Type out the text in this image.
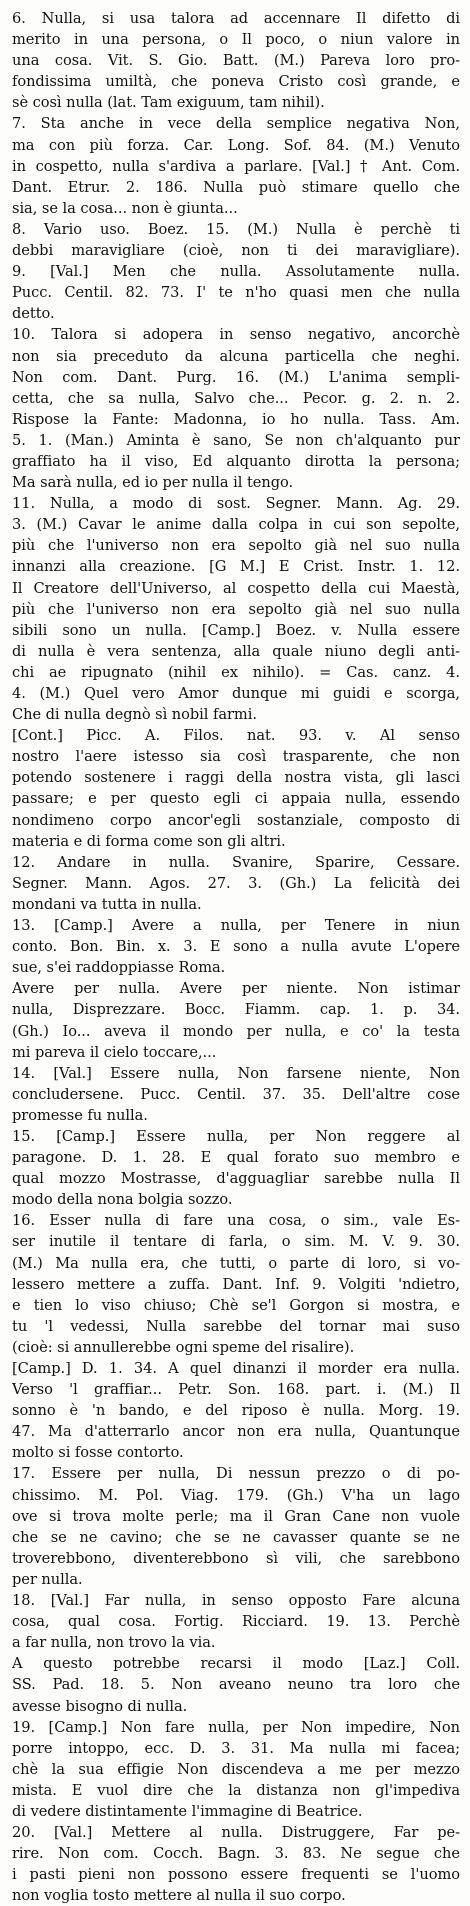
6. Nulla, si usa talora ad accennare Il difetto di
merito in una persona, o Il poco, o niun valore in
una cosa. Vit. S. Gio. Batt. (M.) Pareva loro pro-
fondissima umiltà, che poneva Cristo così grande, e
sè così nulla (lat. Tam exiguum, tam nihil).
7. Sta anche in vece della semplice negativa Non,
ma con più forza. Car. Long. Sof. 84. (M.) Venuto
in cospetto, nulla s'ardiva a parlare. [Val.] † Ant. Com.
Dant. Etrur. 2. 186. Nulla può stimare quello che
sia, se la cosa... non è giunta...
8. Vario uso. Boez. 15. (M.) Nulla è perchè ti
debbi maravigliare (cioè, non ti dei maravigliare).
9. [Val.] Men che nulla. Assolutamente nulla.
Pucc. Centil. 82. 73. I' te n'ho quasi men che nulla
detto.
10. Talora si adopera in senso negativo, ancorchè
non sia preceduto da alcuna particella che neghi.
Non com. Dant. Purg. 16. (M.) L'anima sempli-
cetta, che sa nulla, Salvo che... Pecor. g. 2. n. 2.
Rispose la Fante: Madonna, io ho nulla. Tass. Am.
5. 1. (Man.) Aminta è sano, Se non ch'alquanto pur
graffiato ha il viso, Ed alquanto dirotta la persona;
Ma sarà nulla, ed io per nulla il tengo.
11. Nulla, a modo di sost. Segner. Mann. Ag. 29.
3. (M.) Cavar le anime dalla colpa in cui son sepolte,
più che l'universo non era sepolto già nel suo nulla
innanzi alla creazione. [G M.] E Crist. Instr. 1. 12.
Il Creatore dell'Universo, al cospetto della cui Maestà,
più che l'universo non era sepolto già nel suo nulla
sibili sono un nulla. [Camp.] Boez. v. Nulla essere
di nulla è vera sentenza, alla quale niuno degli anti-
chi ae ripugnato (nihil ex nihilo). = Cas. canz. 4.
4. (M.) Quel vero Amor dunque mi guidi e scorga,
Che di nulla degnò sì nobil farmi.
[Cont.] Picc. A. Filos. nat. 93. v. Al senso
nostro l'aere istesso sia così trasparente, che non
potendo sostenere i raggi della nostra vista, gli lasci
passare; e per questo egli ci appaia nulla, essendo
nondimeno corpo ancor'egli sostanziale, composto di
materia e di forma come son gli altri.
12. Andare in nulla. Svanire, Sparire, Cessare.
Segner. Mann. Agos. 27. 3. (Gh.) La felicità dei
mondani va tutta in nulla.
13. [Camp.] Avere a nulla, per Tenere in niun
conto. Bon. Bin. x. 3. E sono a nulla avute L'opere
sue, s'ei raddoppiasse Roma.
Avere per nulla. Avere per niente. Non istimar
nulla, Disprezzare. Bocc. Fiamm. cap. 1. p. 34.
(Gh.) Io... aveva il mondo per nulla, e co' la testa
mi pareva il cielo toccare,...
14. [Val.] Essere nulla, Non farsene niente, Non
concludersene. Pucc. Centil. 37. 35. Dell'altre cose
promesse fu nulla.
15. [Camp.] Essere nulla, per Non reggere al
paragone. D. 1. 28. E qual forato suo membro e
qual mozzo Mostrasse, d'agguagliar sarebbe nulla Il
modo della nona bolgia sozzo.
16. Esser nulla di fare una cosa, o sim., vale Es-
ser inutile il tentare di farla, o sim. M. V. 9. 30.
(M.) Ma nulla era, che tutti, o parte di loro, si vo-
lessero mettere a zuffa. Dant. Inf. 9. Volgiti 'ndietro,
e tien lo viso chiuso; Chè se'l Gorgon si mostra, e
tu 'l vedessi, Nulla sarebbe del tornar mai suso
(cioè: si annullerebbe ogni speme del risalire).
[Camp.] D. 1. 34. A quel dinanzi il morder era nulla.
Verso 'l graffiar... Petr. Son. 168. part. i. (M.) Il
sonno è 'n bando, e del riposo è nulla. Morg. 19.
47. Ma d'atterrarlo ancor non era nulla, Quantunque
molto si fosse contorto.
17. Essere per nulla, Di nessun prezzo o di po-
chissimo. M. Pol. Viag. 179. (Gh.) V'ha un lago
ove si trova molte perle; ma il Gran Cane non vuole
che se ne cavino; che se ne cavasser quante se ne
troverebbono, diventerebbono sì vili, che sarebbono
per nulla.
18. [Val.] Far nulla, in senso opposto Fare alcuna
cosa, qual cosa. Fortig. Ricciard. 19. 13. Perchè
a far nulla, non trovo la via.
A questo potrebbe recarsi il modo [Laz.] Coll.
SS. Pad. 18. 5. Non aveano neuno tra loro che
avesse bisogno di nulla.
19. [Camp.] Non fare nulla, per Non impedire, Non
porre intoppo, ecc. D. 3. 31. Ma nulla mi facea;
chè la sua effigie Non discendeva a me per mezzo
mista. E vuol dire che la distanza non gl'impediva
di vedere distintamente l'immagine di Beatrice.
20. [Val.] Mettere al nulla. Distruggere, Far pe-
rire. Non com. Cocch. Bagn. 3. 83. Ne segue che
i pasti pieni non possono essere frequenti se l'uomo
non voglia tosto mettere al nulla il suo corpo.
